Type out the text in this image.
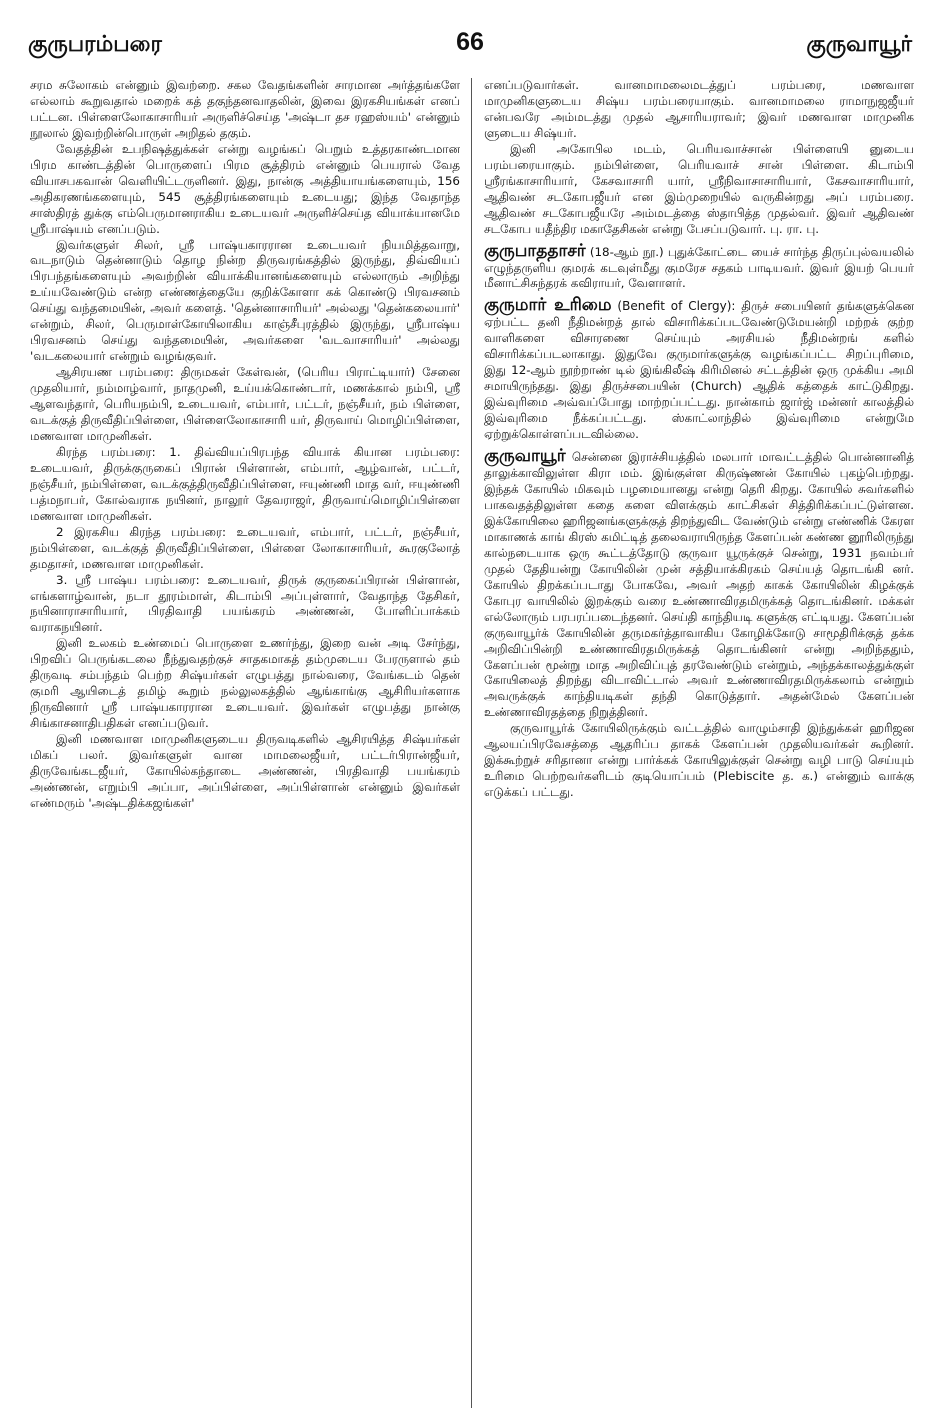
குருபரம்பரை	66	குருவாயூர்

சரம சுலோகம் என்னும் இவற்றை. சகல வேதங்களின் சாரமான அர்த்தங்களே எல்லாம் கூறுவதால் மறைக் கத் தகுந்தனவாதலின், இவை இரகசியங்கள் எனப் பட்டன. பிள்ளைலோகாசாரியர் அருளிச்செய்த 'அஷ்டா தச ரஹஸ்யம்' என்னும் நூலால் இவற்றின்பொருள் அறிதல் தகும்.

வேதத்தின் உபநிஷத்துக்கள் என்று வழங்கப் பெறும் உத்தரகாண்டமான பிரம காண்டத்தின் பொருளைப் பிரம சூத்திரம் என்னும் பெயரால் வேத வியாசபகவான் வெளியிட்டருளினர். இது, நான்கு அத்தியாயங்களையும், 156 அதிகரணங்களையும், 545 சூத்திரங்களையும் உடையது; இந்த வேதாந்த சாஸ்திரத் துக்கு எம்பெருமானராகிய உடையவர் அருளிச்செய்த வியாக்யானமே ஸ்ரீபாஷ்யம் எனப்படும்.

இவர்களுள் சிலர், ஸ்ரீ பாஷ்யகாரரான உடையவர் நியமித்தவாறு, வடநாடும் தென்னாடும் தொழ நின்ற திருவரங்கத்தில் இருந்து, திவ்வியப் பிரபந்தங்களையும் அவற்றின் வியாக்கியானங்களையும் எல்லாரும் அறிந்து உய்யவேண்டும் என்ற எண்ணத்தையே குறிக்கோளா கக் கொண்டு பிரவசனம் செய்து வந்தமையின், அவர் களைத். 'தென்னாசாரியர்' அல்லது 'தென்கலையார்' என்றும், சிலர், பெருமாள்கோயிலாகிய காஞ்சீபுரத்தில் இருந்து, ஸ்ரீபாஷ்ய பிரவசனம் செய்து வந்தமையின், அவர்களை 'வடவாசாரியர்' அல்லது 'வடகலையார் என்றும் வழங்குவர்.

ஆசிரயண பரம்பரை: திருமகள் கேள்வன், (பெரிய பிராட்டியார்) சேனை முதலியார், நம்மாழ்வார், நாதமுனி, உய்யக்கொண்டார், மணக்கால் நம்பி, ஸ்ரீ ஆளவந்தார், பெரியநம்பி, உடையவர், எம்பார், பட்டர், நஞ்சீயர், நம் பிள்ளை, வடக்குத் திருவீதிப்பிள்ளை, பிள்ளைலோகாசாரி யர், திருவாய் மொழிப்பிள்ளை, மணவாள மாமுனிகள்.

கிரந்த பரம்பரை: 1. திவ்வியப்பிரபந்த வியாக் கியான பரம்பரை: உடையவர், திருக்குருகைப் பிரான் பிள்ளான், எம்பார், ஆழ்வான், பட்டர், நஞ்சீயர், நம்பிள்ளை, வடக்குத்திருவீதிப்பிள்ளை, ஈயுண்ணி மாத வர், ஈயுண்ணி பத்மநாபர், கோல்வராக நயினர், நாலூர் தேவராஜர், திருவாய்மொழிப்பிள்ளை மணவாள மாமுனிகள்.

2 இரகசிய கிரந்த பரம்பரை: உடையவர், எம்பார், பட்டர், நஞ்சீயர், நம்பிள்ளை, வடக்குத் திருவீதிப்பிள்ளை, பிள்ளை லோகாசாரியர், கூரகுலோத் தமதாசர், மணவாள மாமுனிகள்.

3. ஸ்ரீ பாஷ்ய பரம்பரை: உடையவர், திருக் குருகைப்பிரான் பிள்ளான், எங்களாழ்வான், நடா தூரம்மாள், கிடாம்பி அப்புள்ளார், வேதாந்த தேசிகர், நயினாராசாரியார், பிரதிவாதி பயங்கரம் அண்ணன், போளிப்பாக்கம் வராகநயினர்.

இனி உலகம் உண்மைப் பொருளை உணர்ந்து, இறை வன் அடி சேர்ந்து, பிறவிப் பெருங்கடலை நீந்துவதற்குச் சாதகமாகத் தம்முடைய பேரருளால் தம் திருவடி சம்பந்தம் பெற்ற சிஷ்யர்கள் எழுபத்து நால்வரை, வேங்கடம் தென் குமரி ஆயிடைத் தமிழ் கூறும் நல்லுலகத்தில் ஆங்காங்கு ஆசிரியர்களாக நிருவினார் ஸ்ரீ பாஷ்யகாரரான உடையவர். இவர்கள் எழுபத்து நான்கு சிங்காசனாதிபதிகள் எனப்படுவர்.

இனி மணவாள மாமுனிகளுடைய திருவடிகளில் ஆசிரயித்த சிஷ்யர்கள் மிகப் பலர். இவர்களுள் வான மாமலைஜீயர், பட்டர்பிரான்ஜீயர், திருவேங்கடஜீயர், கோயில்கந்தாடை அண்ணன், பிரதிவாதி பயங்கரம் அண்ணன், எறும்பி அப்பா, அப்பிள்ளை, அப்பிள்ளான் என்னும் இவர்கள் எண்மரும் 'அஷ்டதிக்கஜங்கள்'

எனப்படுவார்கள். வானமாமலைமடத்துப் பரம்பரை, மணவாள மாமுனிகளுடைய சிஷ்ய பரம்பரையாகும். வானமாமலை ராமாநுஜஜீயர் என்பவரே அம்மடத்து முதல் ஆசாரியராவர்; இவர் மணவாள மாமுனிக ளுடைய சிஷ்யர்.

இனி அகோபில மடம், பெரியவாச்சான் பிள்ளையி னுடைய பரம்பரையாகும். நம்பிள்ளை, பெரியவாச் சான் பிள்ளை. கிடாம்பி ஸ்ரீரங்காசாரியார், கேசவாசாரி யார், ஸ்ரீநிவாசாசாரியார், கேசவாசாரியார், ஆதிவண் சடகோபஜீயர் என இம்முறையில் வருகின்றது அப் பரம்பரை. ஆதிவண் சடகோபஜீயரே அம்மடத்தை ஸ்தாபித்த முதல்வர். இவர் ஆதிவண் சடகோப யதீந்திர மகாதேசிகன் என்று பேசப்படுவார். பு. ரா. பு.

குருபாததாசர் (18-ஆம் நூ.) புதுக்கோட்டை யைச் சார்ந்த திருப்புல்வயலில் எழுந்தருளிய குமரக் கடவுள்மீது குமரேச சதகம் பாடியவர். இவர் இயற் பெயர் மீனாட்சிசுந்தரக் கவிராயர், வேளாளர்.

குருமார் உரிமை (Benefit of Clergy): திருச் சபையினர் தங்களுக்கென ஏற்பட்ட தனி நீதிமன்றத் தால் விசாரிக்கப்படவேண்டுமேயன்றி மற்றக் குற்ற வாளிகளை விசாரணை செய்யும் அரசியல் நீதிமன்றங் களில் விசாரிக்கப்படலாகாது. இதுவே குருமார்களுக்கு வழங்கப்பட்ட சிறப்புரிமை, இது 12-ஆம் நூற்றாண் டில் இங்கிலீஷ் கிரிமினல் சட்டத்தின் ஒரு முக்கிய அமி சமாயிருந்தது. இது திருச்சபையின் (Church) ஆதிக் கத்தைக் காட்டுகிறது. இவ்வுரிமை அவ்வப்போது மாற்றப்பட்டது. நான்காம் ஜார்ஜ் மன்னர் காலத்தில் இவ்வுரிமை நீக்கப்பட்டது. ஸ்காட்லாந்தில் இவ்வுரிமை என்றுமே ஏற்றுக்கொள்ளப்படவில்லை.

குருவாயூர் சென்னை இராச்சியத்தில் மலபார் மாவட்டத்தில் பொன்னானித் தாலுக்காவிலுள்ள கிரா மம். இங்குள்ள கிருஷ்ணன் கோயில் புகழ்பெற்றது. இந்தக் கோயில் மிகவும் பழமையானது என்று தெரி கிறது. கோயில் சுவர்களில் பாகவதத்திலுள்ள கதை களை விளக்கும் காட்சிகள் சித்திரிக்கப்பட்டுள்ளன. இக்கோயிலை ஹரிஜனங்களுக்குத் திறந்துவிட வேண்டும் என்று எண்ணிக் கேரள மாகாணக் காங் கிரஸ் கமிட்டித் தலைவராயிருந்த கேளப்பன் கண்ண னூரிலிருந்து கால்நடையாக ஒரு கூட்டத்தோடு குருவா யூருக்குச் சென்று, 1931 நவம்பர் முதல் தேதியன்று கோயிலின் முன் சத்தியாக்கிரகம் செய்யத் தொடங்கி னர். கோயில் திறக்கப்படாது போகவே, அவர் அதற் காகக் கோயிலின் கிழக்குக் கோபுர வாயிலில் இறக்கும் வரை உண்ணாவிரதமிருக்கத் தொடங்கினர். மக்கள் எல்லோரும் பரபரப்படைந்தனர். செய்தி காந்தியடி களுக்கு எட்டியது. கேளப்பன் குருவாயூர்க் கோயிலின் தருமகர்த்தாவாகிய கோழிக்கோடு சாமூதிரிக்குத் தக்க அறிவிப்பின்றி உண்ணாவிரதமிருக்கத் தொடங்கினர் என்று அறிந்ததும், கேளப்பன் மூன்று மாத அறிவிப்புத் தரவேண்டும் என்றும், அந்தக்காலத்துக்குள் கோயிலைத் திறந்து விடாவிட்டால் அவர் உண்ணாவிரதமிருக்கலாம் என்றும் அவருக்குக் காந்தியடிகள் தந்தி கொடுத்தார். அதன்மேல் கேளப்பன் உண்ணாவிரதத்தை நிறுத்தினர்.

குருவாயூர்க் கோயிலிருக்கும் வட்டத்தில் வாழும்சாதி இந்துக்கள் ஹரிஜன ஆலயப்பிரவேசத்தை ஆதரிப்ப தாகக் கேளப்பன் முதலியவர்கள் கூறினர். இக்கூற்றுச் சரிதானா என்று பார்க்கக் கோயிலுக்குள் சென்று வழி பாடு செய்யும் உரிமை பெற்றவர்களிடம் குடியொப்பம் (Plebiscite த. க.) என்னும் வாக்கு எடுக்கப் பட்டது.
